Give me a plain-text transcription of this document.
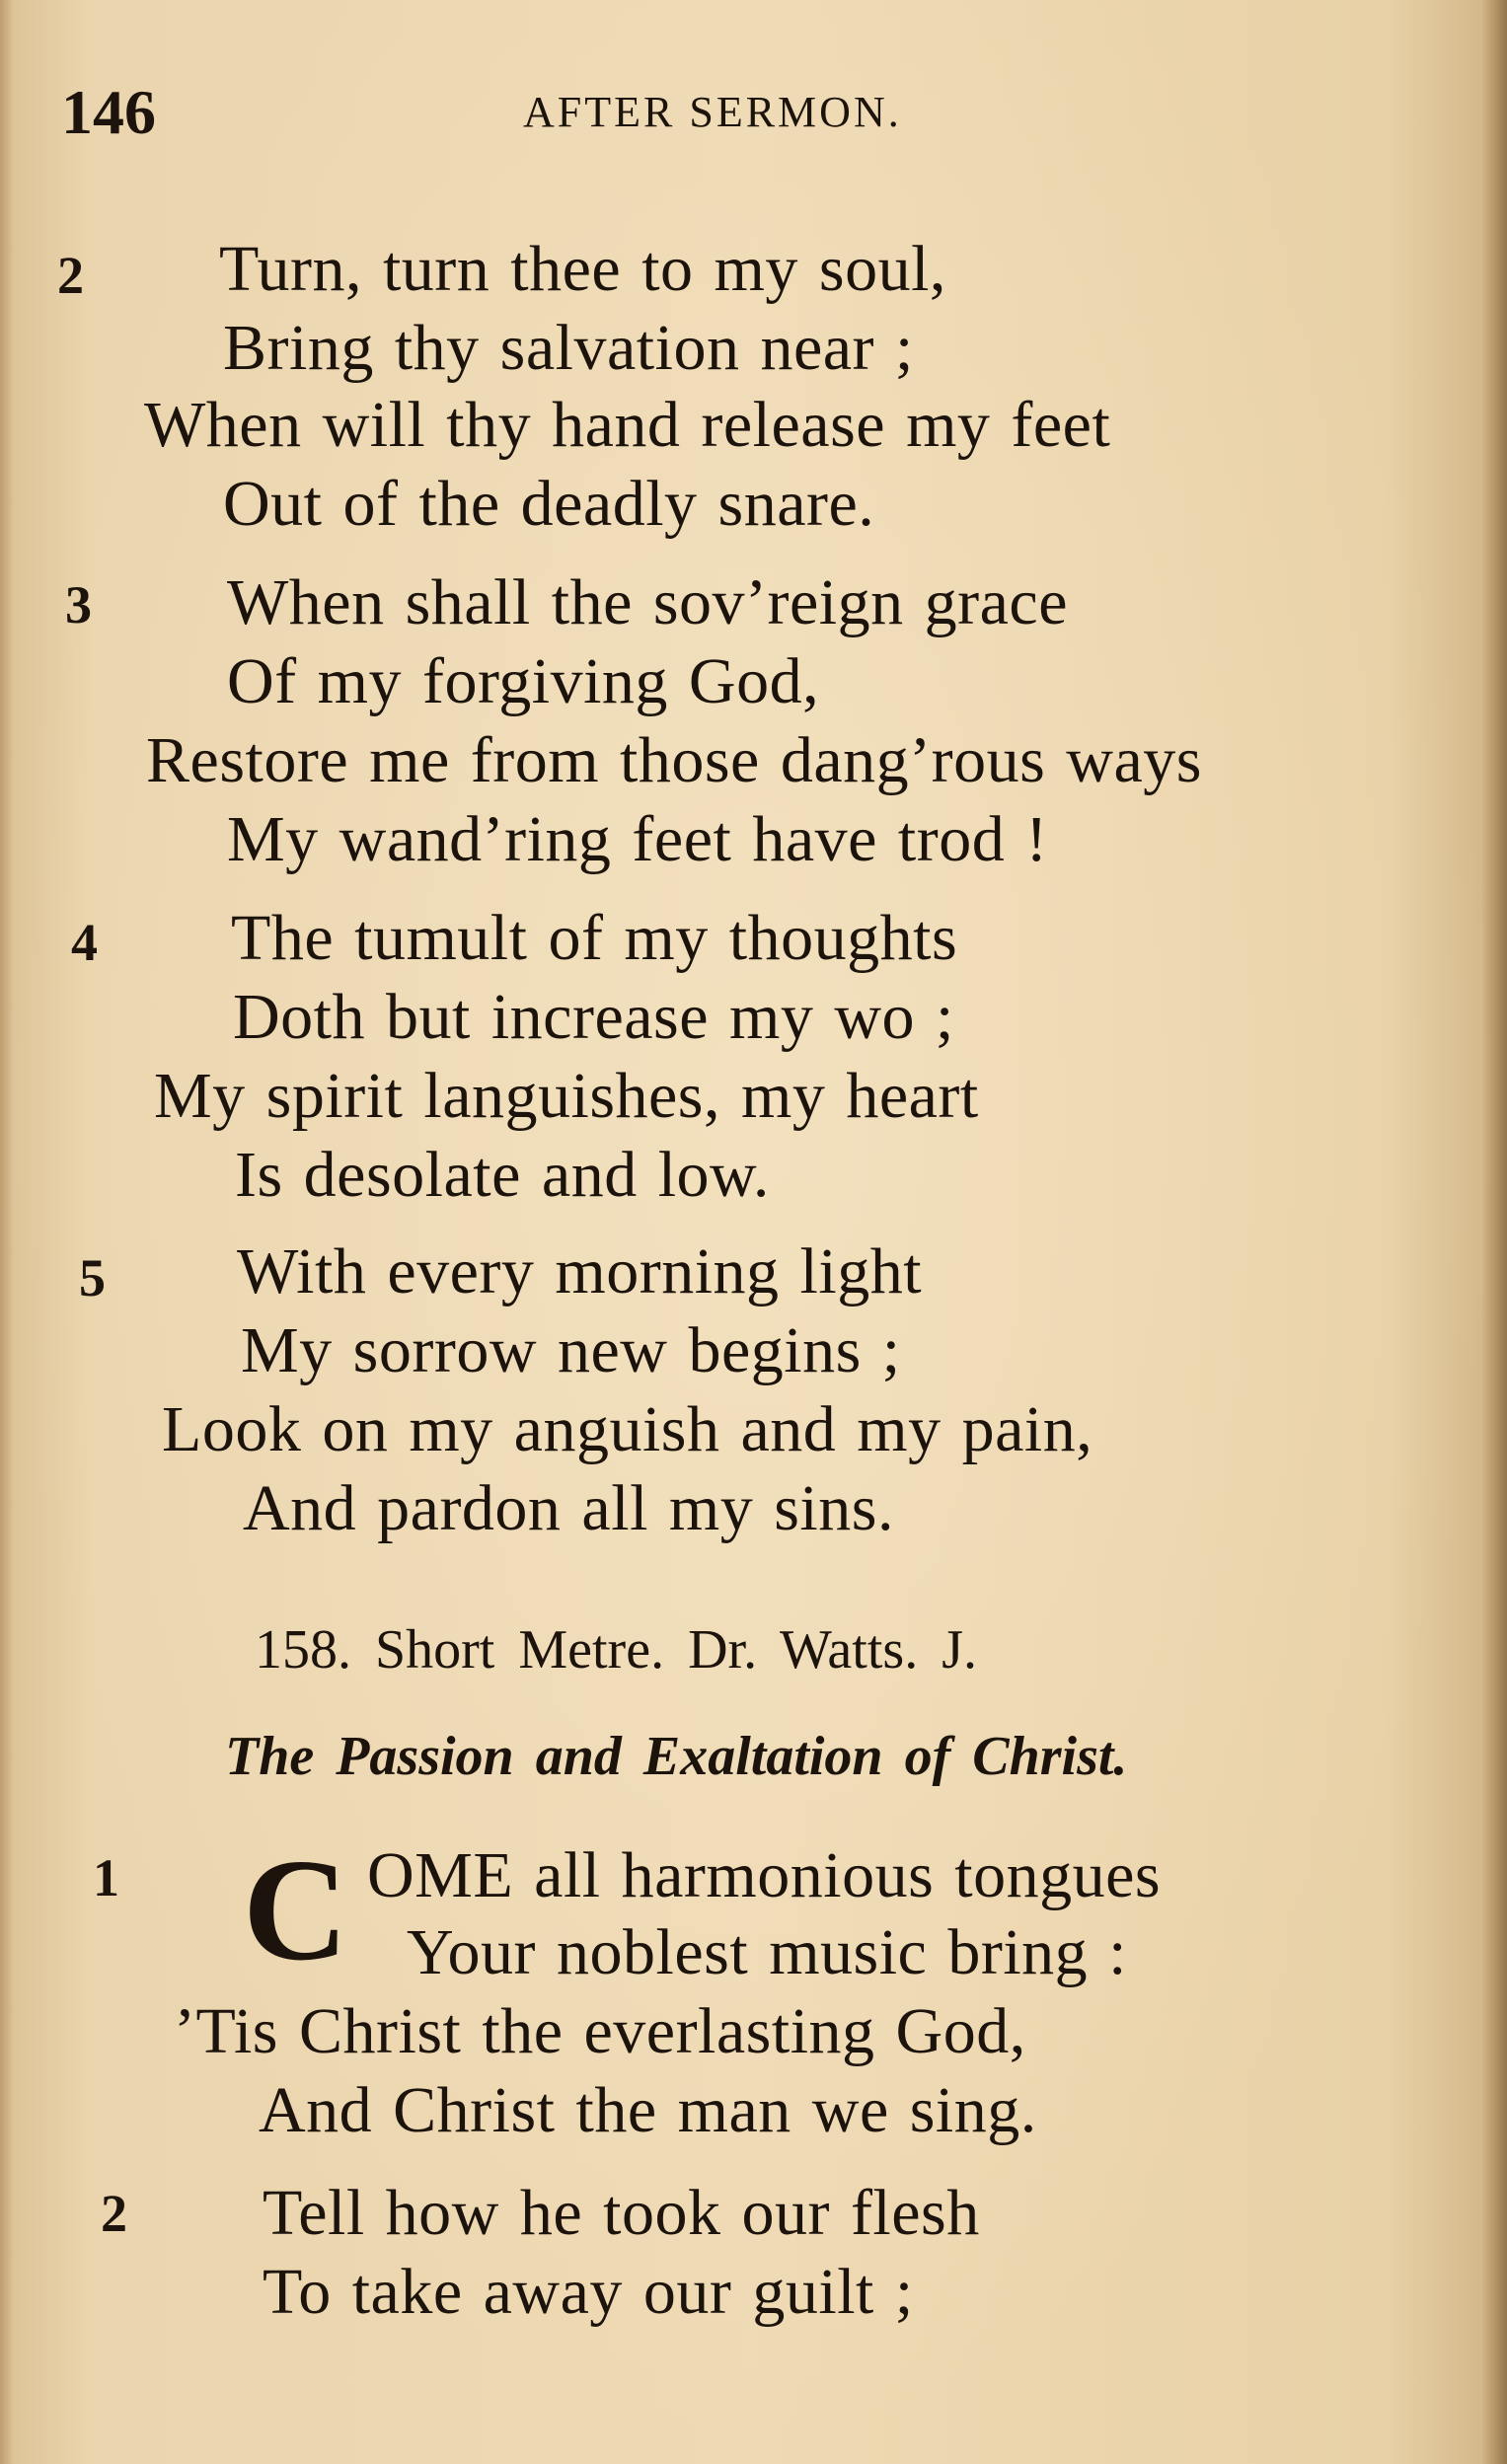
146	AFTER SERMON.
2 Turn, turn thee to my soul,
Bring thy salvation near ;
When will thy hand release my feet
Out of the deadly snare.
3 When shall the sov’reign grace
Of my forgiving God,
Restore me from those dang’rous ways
My wand’ring feet have trod !
4 The tumult of my thoughts
Doth but increase my wo ;
My spirit languishes, my heart
Is desolate and low.
5 With every morning light
My sorrow new begins ;
Look on my anguish and my pain,
And pardon all my sins.
158. Short Metre. Dr. Watts. J.
The Passion and Exaltation of Christ.
1 C OME all harmonious tongues
Your noblest music bring :
’Tis Christ the everlasting God,
And Christ the man we sing.
2 Tell how he took our flesh
To take away our guilt ;
